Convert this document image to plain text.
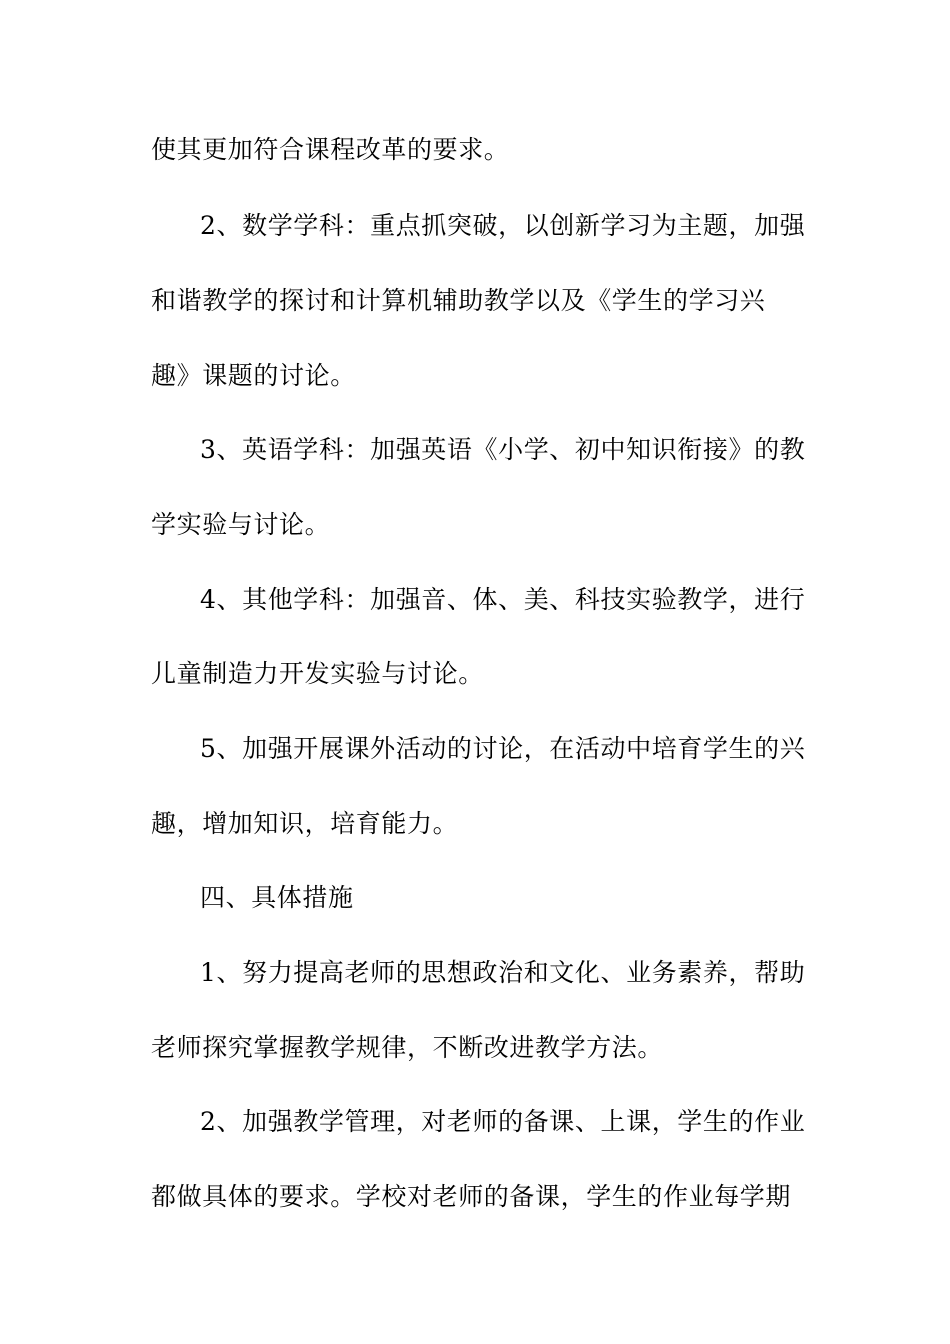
使其更加符合课程改革的要求。
2、数学学科：重点抓突破，以创新学习为主题，加强
和谐教学的探讨和计算机辅助教学以及《学生的学习兴
趣》课题的讨论。
3、英语学科：加强英语《小学、初中知识衔接》的教
学实验与讨论。
4、其他学科：加强音、体、美、科技实验教学，进行
儿童制造力开发实验与讨论。
5、加强开展课外活动的讨论，在活动中培育学生的兴
趣，增加知识，培育能力。
四、具体措施
1、努力提高老师的思想政治和文化、业务素养，帮助
老师探究掌握教学规律，不断改进教学方法。
2、加强教学管理，对老师的备课、上课，学生的作业
都做具体的要求。学校对老师的备课，学生的作业每学期
